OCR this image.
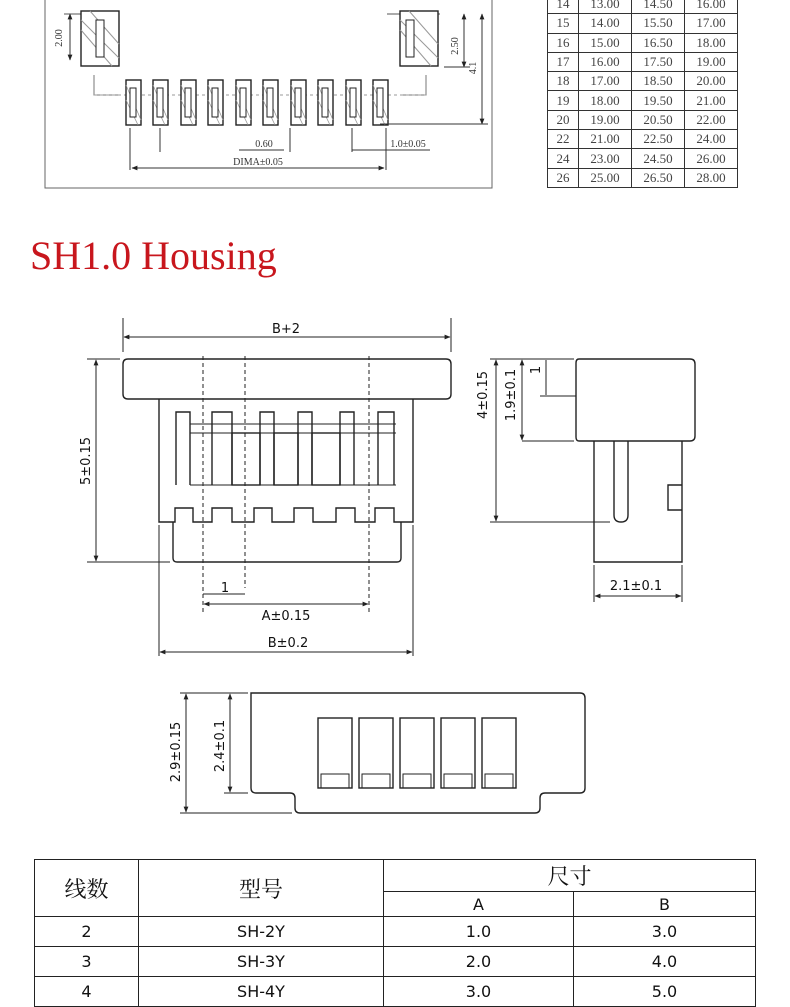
2.00	2.50
4.1
0.60	1.0±0.05
DIMA±0.05
B+2
5±0.15
1
A±0.15
B±0.2
4±0.15 1.9±0.1 1
2.1±0.1
2.9±0.15 2.4±0.1
14	13.00	14.50	16.00
15	14.00	15.50	17.00
16	15.00	16.50	18.00
17	16.00	17.50	19.00
18	17.00	18.50	20.00
19	18.00	19.50	21.00
20	19.00	20.50	22.00
22	21.00	22.50	24.00
24	23.00	24.50	26.00
26	25.00	26.50	28.00
SH1.0 Housing
线数	型号	尺寸	
		A	B
2	SH-2Y	1.0	3.0
3	SH-3Y	2.0	4.0
4	SH-4Y	3.0	5.0
